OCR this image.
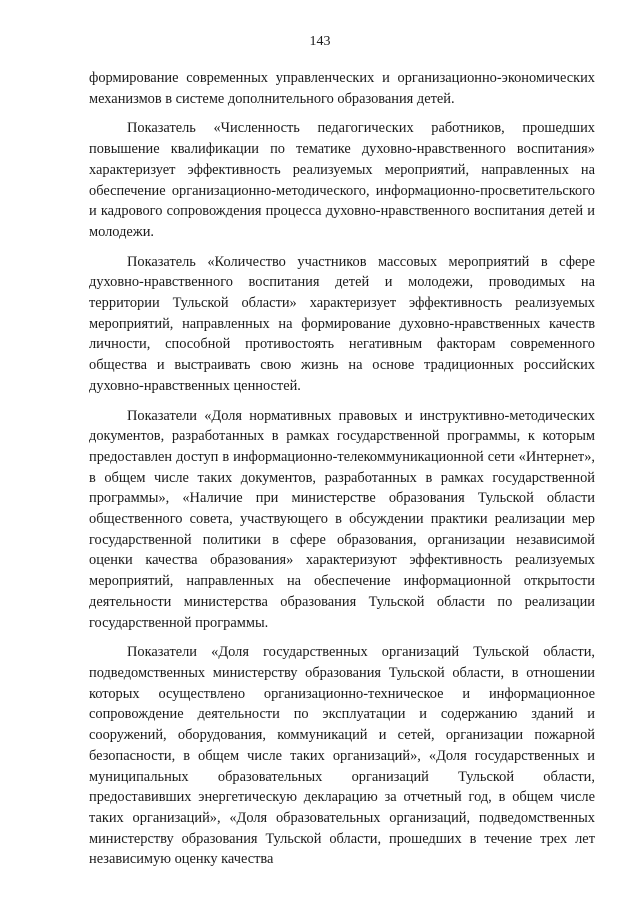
143

формирование современных управленческих и организационно-экономических механизмов в системе дополнительного образования детей.

Показатель «Численность педагогических работников, прошедших повышение квалификации по тематике духовно-нравственного воспитания» характеризует эффективность реализуемых мероприятий, направленных на обеспечение организационно-методического, информационно-просветительского и кадрового сопровождения процесса духовно-нравственного воспитания детей и молодежи.

Показатель «Количество участников массовых мероприятий в сфере духовно-нравственного воспитания детей и молодежи, проводимых на территории Тульской области» характеризует эффективность реализуемых мероприятий, направленных на формирование духовно-нравственных качеств личности, способной противостоять негативным факторам современного общества и выстраивать свою жизнь на основе традиционных российских духовно-нравственных ценностей.

Показатели «Доля нормативных правовых и инструктивно-методических документов, разработанных в рамках государственной программы, к которым предоставлен доступ в информационно-телекоммуникационной сети «Интернет», в общем числе таких документов, разработанных в рамках государственной программы», «Наличие при министерстве образования Тульской области общественного совета, участвующего в обсуждении практики реализации мер государственной политики в сфере образования, организации независимой оценки качества образования» характеризуют эффективность реализуемых мероприятий, направленных на обеспечение информационной открытости деятельности министерства образования Тульской области по реализации государственной программы.

Показатели «Доля государственных организаций Тульской области, подведомственных министерству образования Тульской области, в отношении которых осуществлено организационно-техническое и информационное сопровождение деятельности по эксплуатации и содержанию зданий и сооружений, оборудования, коммуникаций и сетей, организации пожарной безопасности, в общем числе таких организаций», «Доля государственных и муниципальных образовательных организаций Тульской области, предоставивших энергетическую декларацию за отчетный год, в общем числе таких организаций», «Доля образовательных организаций, подведомственных министерству образования Тульской области, прошедших в течение трех лет независимую оценку качества
